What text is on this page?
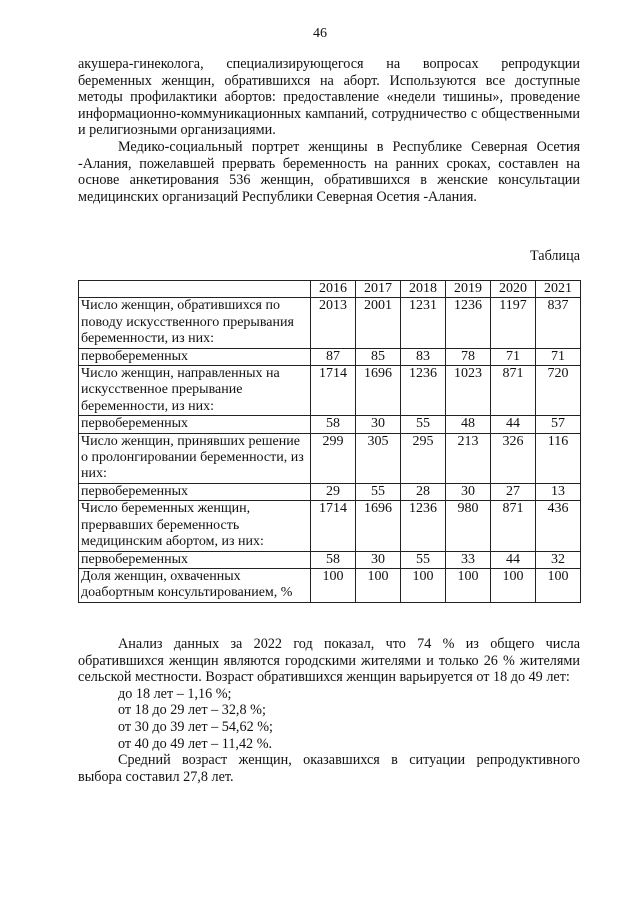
46

акушера-гинеколога, специализирующегося на вопросах репродукции беременных женщин, обратившихся на аборт. Используются все доступные методы профилактики абортов: предоставление «недели тишины», проведение информационно-коммуникационных кампаний, сотрудничество с общественными и религиозными организациями.

Медико-социальный портрет женщины в Республике Северная Осетия -Алания, пожелавшей прервать беременность на ранних сроках, составлен на основе анкетирования 536 женщин, обратившихся в женские консультации медицинских организаций Республики Северная Осетия -Алания.

Таблица
	2016	2017	2018	2019	2020	2021
Число женщин, обратившихся по поводу искусственного прерывания беременности, из них:	2013	2001	1231	1236	1197	837
первобеременных	87	85	83	78	71	71
Число женщин, направленных на искусственное прерывание беременности, из них:	1714	1696	1236	1023	871	720
первобеременных	58	30	55	48	44	57
Число женщин, принявших решение о пролонгировании беременности, из них:	299	305	295	213	326	116
первобеременных	29	55	28	30	27	13
Число беременных женщин, прервавших беременность медицинским абортом, из них:	1714	1696	1236	980	871	436
первобеременных	58	30	55	33	44	32
Доля женщин, охваченных доабортным консультированием, %	100	100	100	100	100	100

Анализ данных за 2022 год показал, что 74 % из общего числа обратившихся женщин являются городскими жителями и только 26 % жителями сельской местности. Возраст обратившихся женщин варьируется от 18 до 49 лет:

до 18 лет – 1,16 %;
от 18 до 29 лет – 32,8 %;
от 30 до 39 лет – 54,62 %;
от 40 до 49 лет – 11,42 %.

Средний возраст женщин, оказавшихся в ситуации репродуктивного выбора составил 27,8 лет.
